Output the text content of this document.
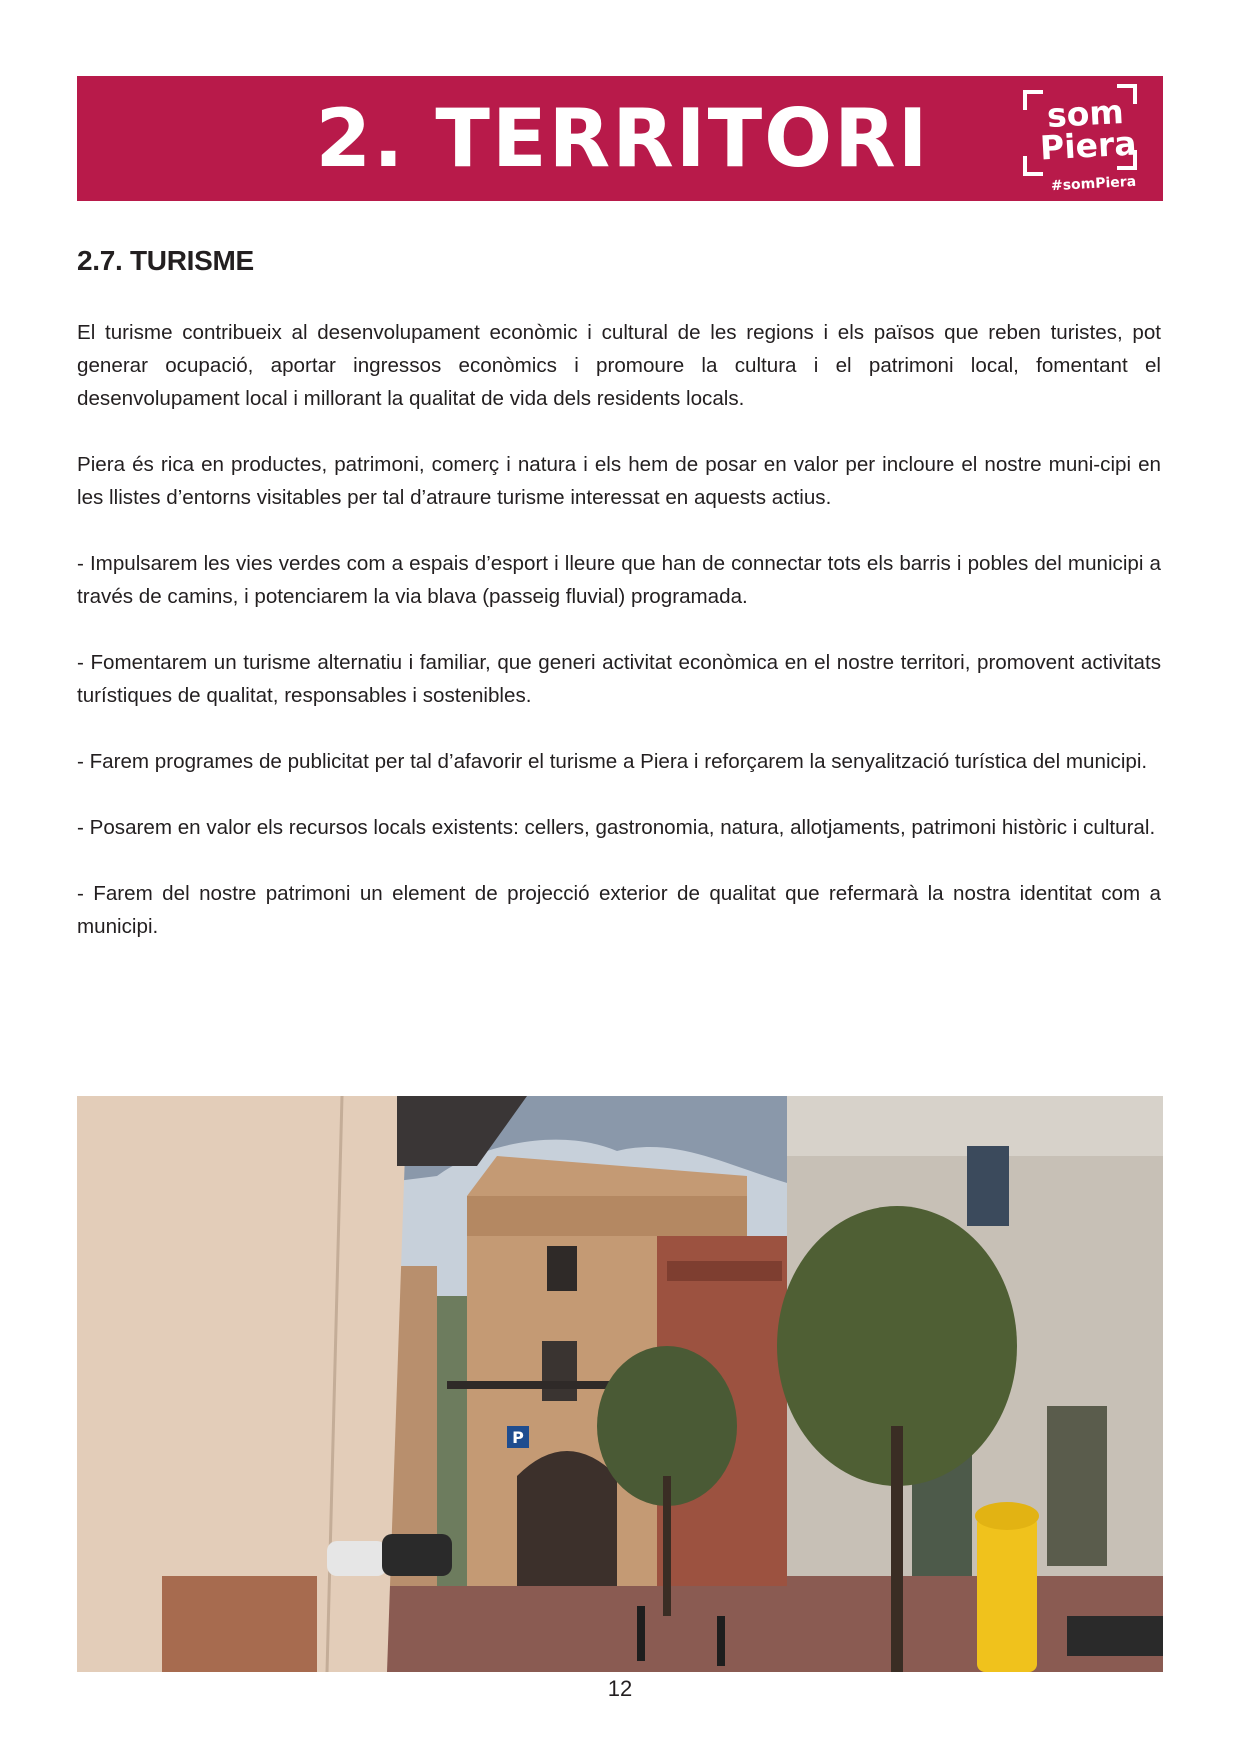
2. TERRITORI	som
Piera
#somPiera
2.7. TURISME

El turisme contribueix al desenvolupament econòmic i cultural de les regions i els països que reben turistes, pot generar ocupació, aportar ingressos econòmics i promoure la cultura i el patrimoni local, fomentant el desenvolupament local i millorant la qualitat de vida dels residents locals.

Piera és rica en productes, patrimoni, comerç i natura i els hem de posar en valor per incloure el nostre muni-cipi en les llistes d’entorns visitables per tal d’atraure turisme interessat en aquests actius.

- Impulsarem les vies verdes com a espais d’esport i lleure que han de connectar tots els barris i pobles del municipi a través de camins, i potenciarem la via blava (passeig fluvial) programada.

- Fomentarem un turisme alternatiu i familiar, que generi activitat econòmica en el nostre territori, promovent activitats turístiques de qualitat, responsables i sostenibles.

- Farem programes de publicitat per tal d’afavorir el turisme a Piera i reforçarem la senyalització turística del municipi.

- Posarem en valor els recursos locals existents: cellers, gastronomia, natura, allotjaments, patrimoni històric i cultural.

- Farem del nostre patrimoni un element de projecció exterior de qualitat que refermarà la nostra identitat com a municipi.

P
12
